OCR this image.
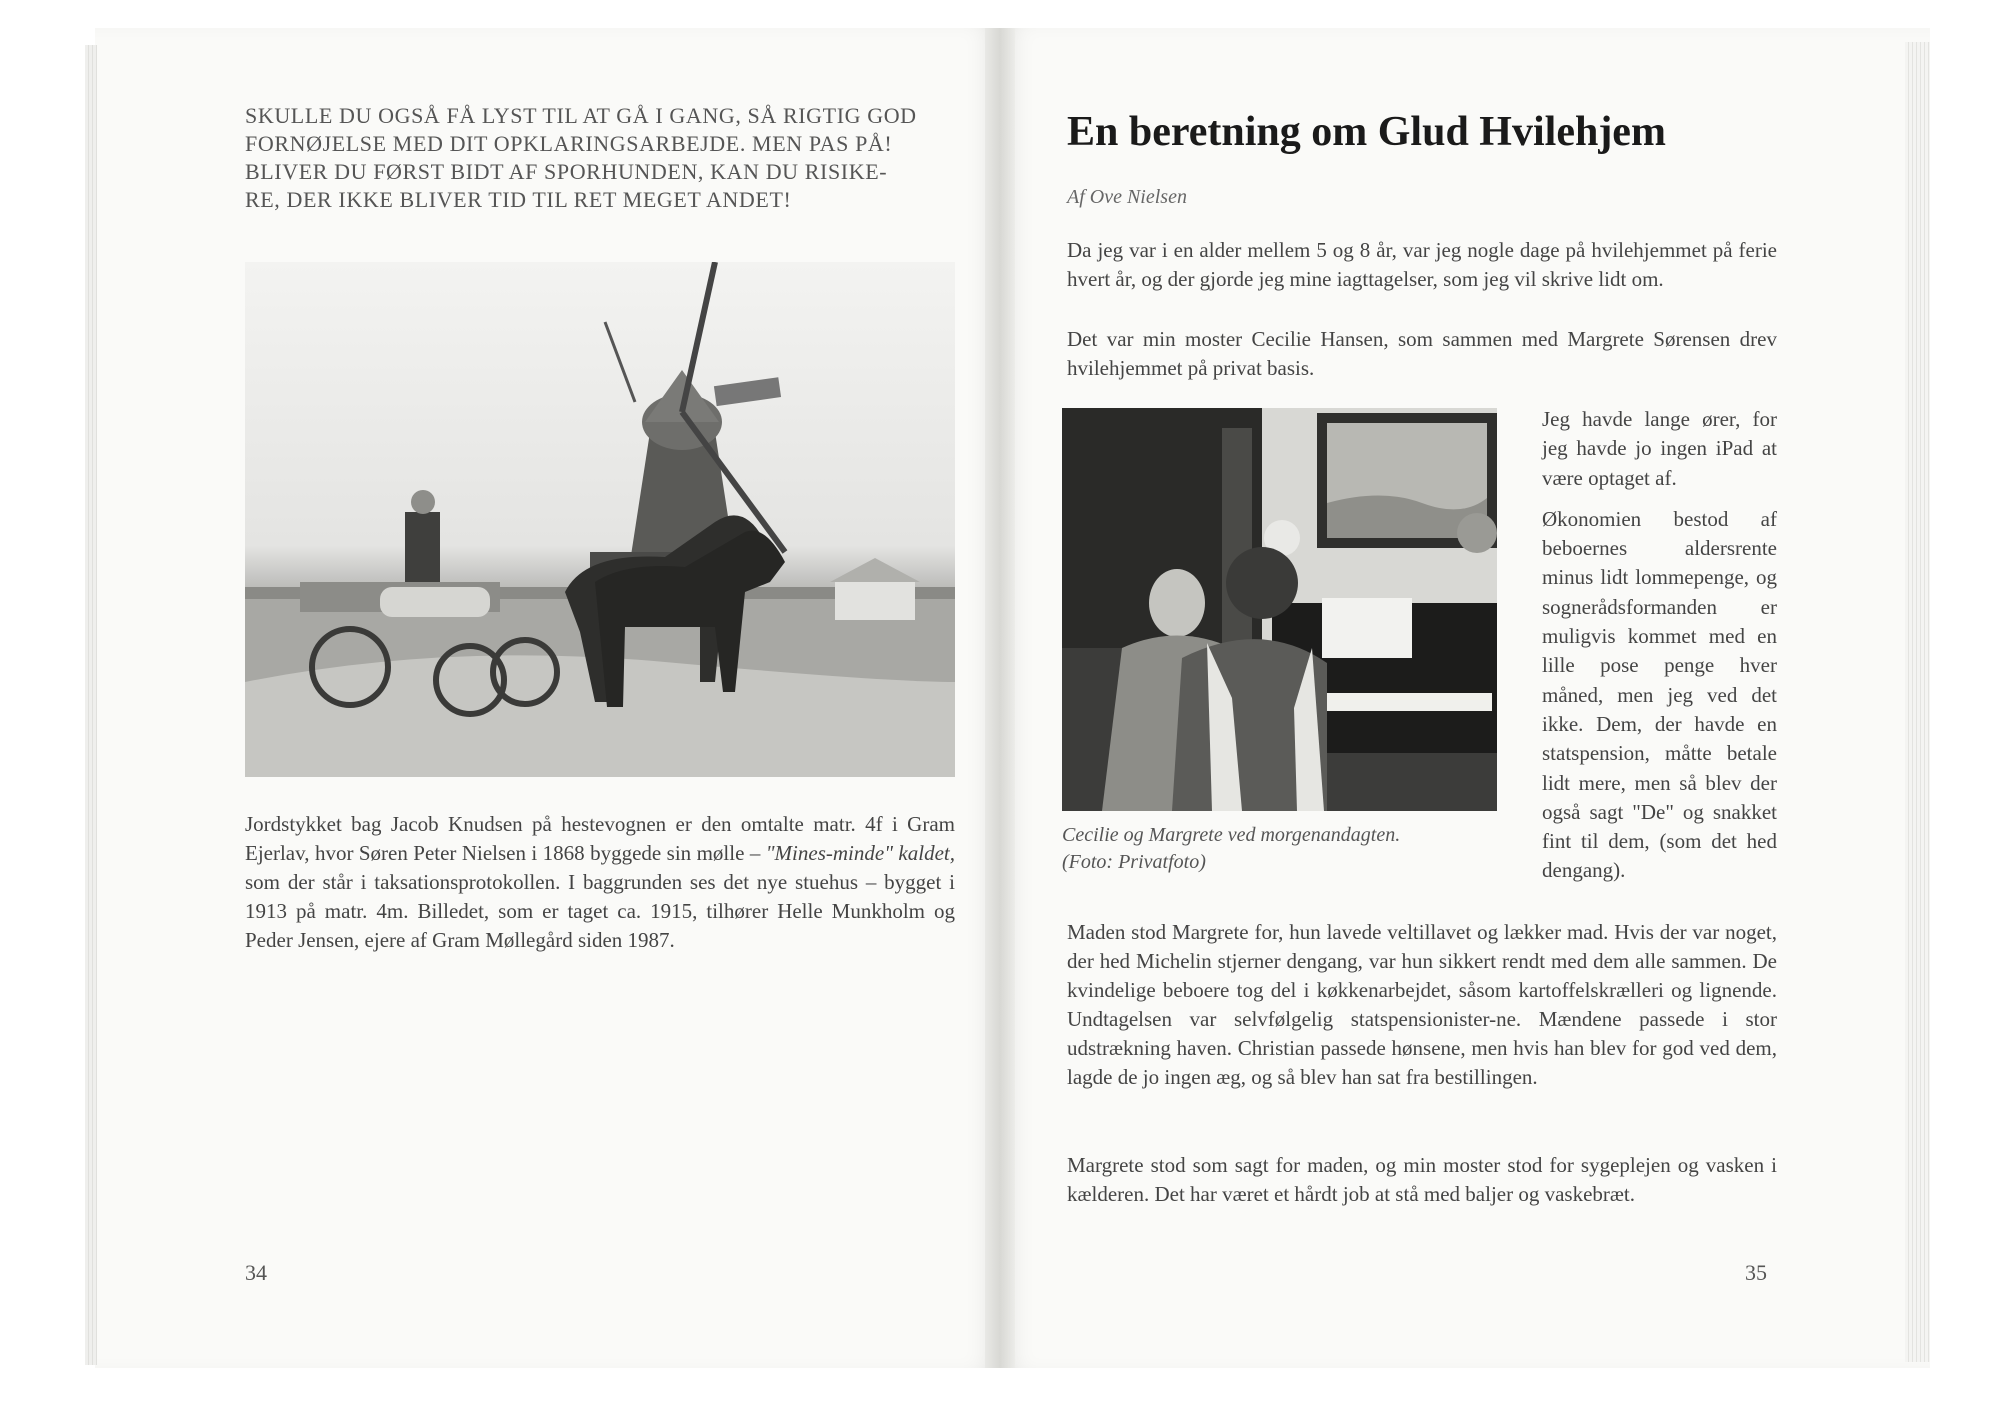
SKULLE DU OGSÅ FÅ LYST TIL AT GÅ I GANG, SÅ RIGTIG GOD
FORNØJELSE MED DIT OPKLARINGSARBEJDE. MEN PAS PÅ!
BLIVER DU FØRST BIDT AF SPORHUNDEN, KAN DU RISIKE-
RE, DER IKKE BLIVER TID TIL RET MEGET ANDET!
Jordstykket bag Jacob Knudsen på hestevognen er den omtalte matr. 4f i Gram Ejerlav, hvor Søren Peter Nielsen i 1868 byggede sin mølle – "Mines-minde" kaldet, som der står i taksationsprotokollen. I baggrunden ses det nye stuehus – bygget i 1913 på matr. 4m. Billedet, som er taget ca. 1915, tilhører Helle Munkholm og Peder Jensen, ejere af Gram Møllegård siden 1987.
34
En beretning om Glud Hvilehjem
Af Ove Nielsen

Da jeg var i en alder mellem 5 og 8 år, var jeg nogle dage på hvilehjemmet på ferie hvert år, og der gjorde jeg mine iagttagelser, som jeg vil skrive lidt om.

Det var min moster Cecilie Hansen, som sammen med Margrete Sørensen drev hvilehjemmet på privat basis.

Cecilie og Margrete ved morgenandagten.
(Foto: Privatfoto)

Jeg havde lange ører, for jeg havde jo ingen iPad at være optaget af.

Økonomien bestod af beboernes aldersrente minus lidt lommepenge, og sognerådsformanden er muligvis kommet med en lille pose penge hver måned, men jeg ved det ikke. Dem, der havde en statspension, måtte betale lidt mere, men så blev der også sagt "De" og snakket fint til dem, (som det hed dengang).

Maden stod Margrete for, hun lavede veltillavet og lækker mad. Hvis der var noget, der hed Michelin stjerner dengang, var hun sikkert rendt med dem alle sammen. De kvindelige beboere tog del i køkkenarbejdet, såsom kartoffelskrælleri og lignende. Undtagelsen var selvfølgelig statspensionister-ne. Mændene passede i stor udstrækning haven. Christian passede hønsene, men hvis han blev for god ved dem, lagde de jo ingen æg, og så blev han sat fra bestillingen.

Margrete stod som sagt for maden, og min moster stod for sygeplejen og vasken i kælderen. Det har været et hårdt job at stå med baljer og vaskebræt.

35
